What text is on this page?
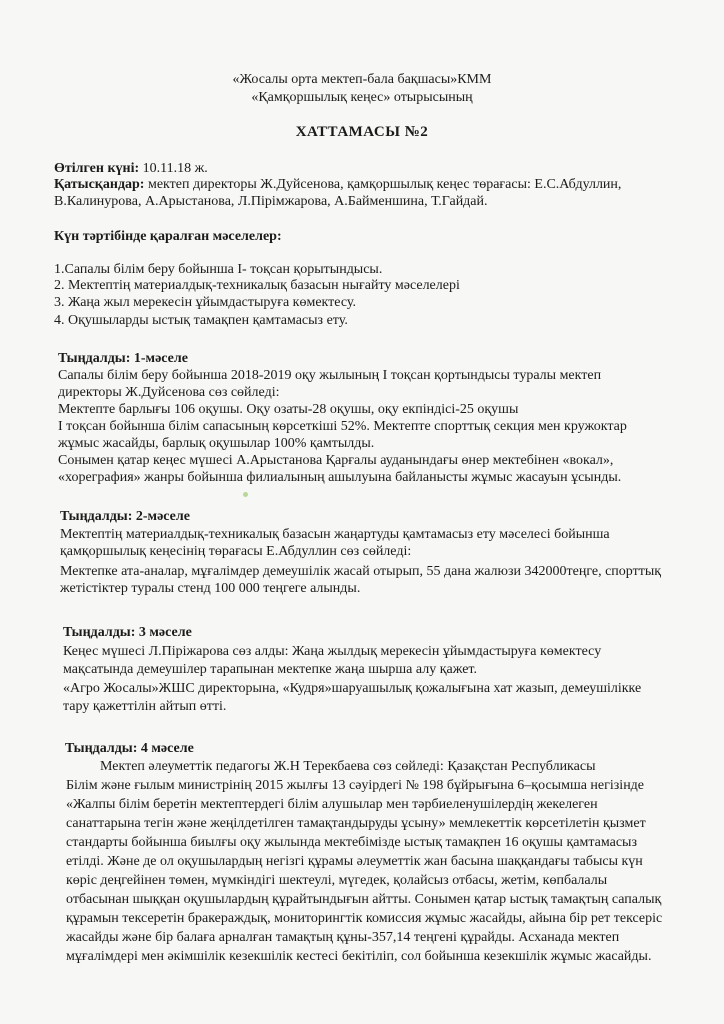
«Жосалы орта мектеп-бала бақшасы»КММ
«Қамқоршылық кеңес» отырысының
ХАТТАМАСЫ №2
Өтілген күні: 10.11.18 ж.
Қатысқандар: мектеп директоры Ж.Дуйсенова, қамқоршылық кеңес төрағасы: Е.С.Абдуллин,
В.Калинурова, А.Арыстанова, Л.Пірімжарова, А.Байменшина, Т.Гайдай.
Күн тәртібінде қаралған мәселелер:
1.Сапалы білім беру бойынша І- тоқсан қорытындысы.
2. Мектептің материалдық-техникалық базасын нығайту мәселелері
3. Жаңа жыл мерекесін ұйымдастыруға көмектесу.
4. Оқушыларды ыстық тамақпен қамтамасыз ету.
Тыңдалды: 1-мәселе
Сапалы білім беру бойынша 2018-2019 оқу жылының І тоқсан қортындысы туралы мектеп
директоры Ж.Дуйсенова сөз сөйледі:
Мектепте барлығы 106 оқушы. Оқу озаты-28 оқушы, оқу екпіндісі-25 оқушы
І тоқсан бойынша білім сапасының көрсеткіші 52%. Мектепте спорттық секция мен кружоктар
жұмыс жасайды, барлық оқушылар 100% қамтылды.
Сонымен қатар кеңес мүшесі А.Арыстанова Қарғалы ауданындағы өнер мектебінен «вокал»,
«хореграфия» жанры бойынша филиалының ашылуына байланысты жұмыс жасауын ұсынды.
Тыңдалды: 2-мәселе
Мектептің материалдық-техникалық базасын жаңартуды қамтамасыз ету мәселесі бойынша
қамқоршылық кеңесінің төрағасы Е.Абдуллин сөз сөйледі:
Мектепке ата-аналар, мұғалімдер демеушілік жасай отырып, 55 дана жалюзи 342000теңге, спорттық
жетістіктер туралы стенд 100 000 теңгеге алынды.
Тыңдалды: 3 мәселе
Кеңес мүшесі Л.Піріжарова сөз алды: Жаңа жылдық мерекесін ұйымдастыруға көмектесу
мақсатында демеушілер тарапынан мектепке жаңа шырша алу қажет.
«Агро Жосалы»ЖШС директорына, «Кудря»шаруашылық қожалығына хат жазып, демеушілікке
тару қажеттілін айтып өтті.
Тыңдалды: 4 мәселе
Мектеп әлеуметтік педагогы Ж.Н Терекбаева сөз сөйледі: Қазақстан Республикасы
Білім және ғылым министрінің 2015 жылғы 13 сәуірдегі № 198 бұйрығына 6–қосымша негізінде
«Жалпы білім беретін мектептердегі білім алушылар мен тәрбиеленушілердің жекелеген
санаттарына тегін және жеңілдетілген тамақтандыруды ұсыну» мемлекеттік көрсетілетін қызмет
стандарты бойынша биылғы оқу жылында мектебімізде ыстық тамақпен 16 оқушы қамтамасыз
етілді. Және де ол оқушылардың негізгі құрамы әлеуметтік жан басына шаққандағы табысы күн
көріс деңгейінен төмен, мүмкіндігі шектеулі, мүгедек, қолайсыз отбасы, жетім, көпбалалы
отбасынан шыққан оқушылардың құрайтындығын айтты. Сонымен қатар ыстық тамақтың сапалық
құрамын тексеретін бракераждық, мониторингтік комиссия жұмыс жасайды, айына бір рет тексеріс
жасайды және бір балаға арналған тамақтың құны-357,14 теңгені құрайды. Асханада мектеп
мұғалімдері мен әкімшілік кезекшілік кестесі бекітіліп, сол бойынша кезекшілік жұмыс жасайды.
